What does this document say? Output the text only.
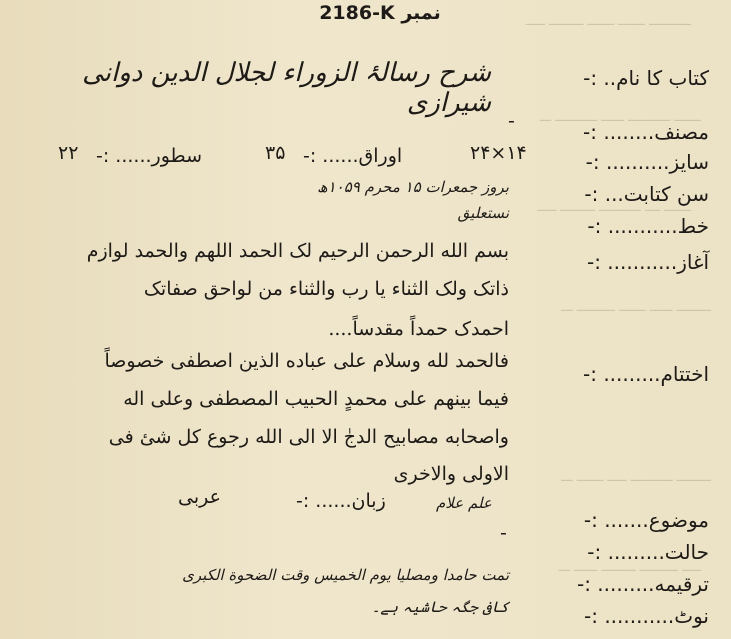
ـــــــــــ ـــــــ ـــــــ ـــــــــ ـــــ
ـــــــ ـــــــــــ ــــــ ـــــــــــ ـــ
ـــــــ ــــ ـــــــــــ ـــــــــ ـــــ
ـــــــــ ــــــ ـــــــ ــــــــــ ـــ
ـــــــــ ـــــــــــ ـــــ ـــــــ ـــ
ـــــ ــــــــــ ـــــــــ ــــــ ـــ
نمبر 2186-K
کتاب کا نام.. :-
شرح رسالۂ الزوراء لجلال الدین دوانی شیرازی
-	مصنف........ :-
سایز.......... :-
۱۴×۲۴
۳۵ اوراق...... :-
۲۲ سطور...... :-
سن کتابت... :-
بروز جمعرات ۱۵ محرم ۱۰۵۹ھ
خط........... :-
نستعلیق
آغاز........... :-
بسم الله الرحمن الرحيم لک الحمد اللهم والحمد لوازم
ذاتک ولک الثناء يا رب والثناء من لواحق صفاتک
احمدک حمداً مقدساً....
اختتام......... :-
فالحمد لله وسلام على عباده الذين اصطفى خصوصاً
فيما بينهم على محمدٍ الحبيب المصطفى وعلى اله
واصحابه مصابيح الدجٰ الا الى الله رجوع كل شئ فى
الاولى والاخرى
موضوع....... :-
علم علام
زبان...... :-
عربی
حالت......... :-
-
ترقیمه......... :-
تمت حامدا ومصليا يوم الخميس وقت الضحوة الكبرى
نوٹ........... :-
کافی جگہ حاشیہ ہے۔
